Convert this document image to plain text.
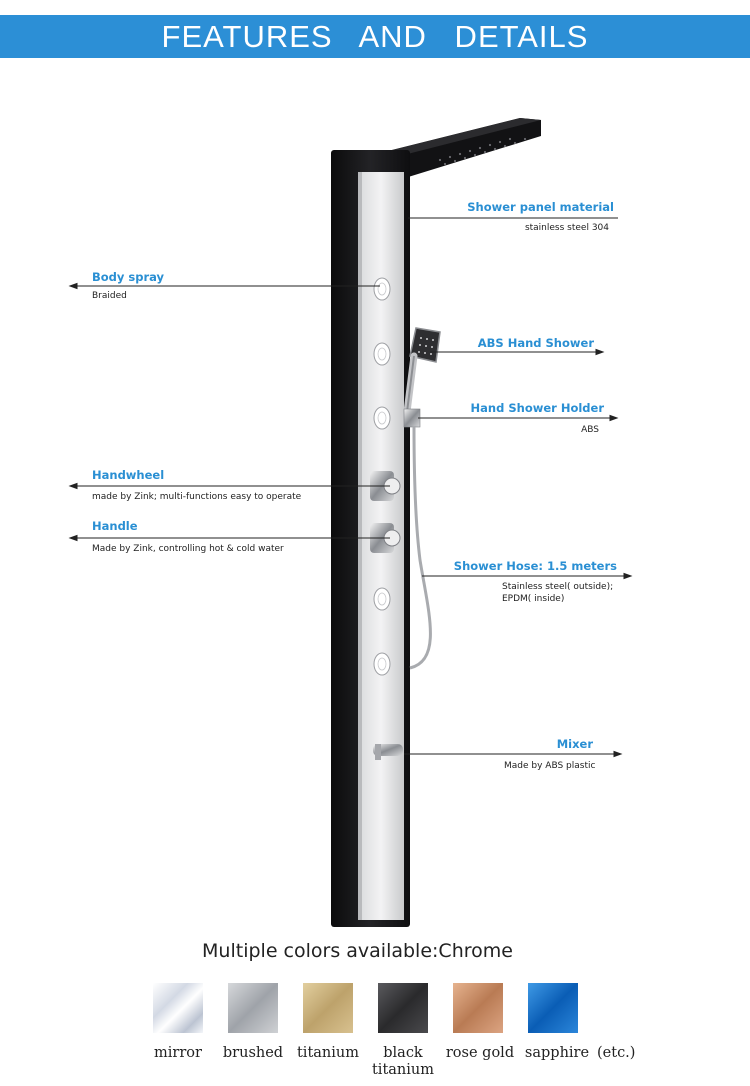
FEATURES AND DETAILS
Shower panel material
stainless steel 304
Body spray
Braided
ABS Hand Shower
Hand Shower Holder
ABS
Handwheel
made by Zink; multi-functions easy to operate
Handle
Made by Zink, controlling hot & cold water
Shower Hose: 1.5 meters
Stainless steel( outside);
EPDM( inside)
Mixer
Made by ABS plastic
Multiple colors available:Chrome
mirror	brushed titanium	black
titanium
rose gold sapphire (etc.)
